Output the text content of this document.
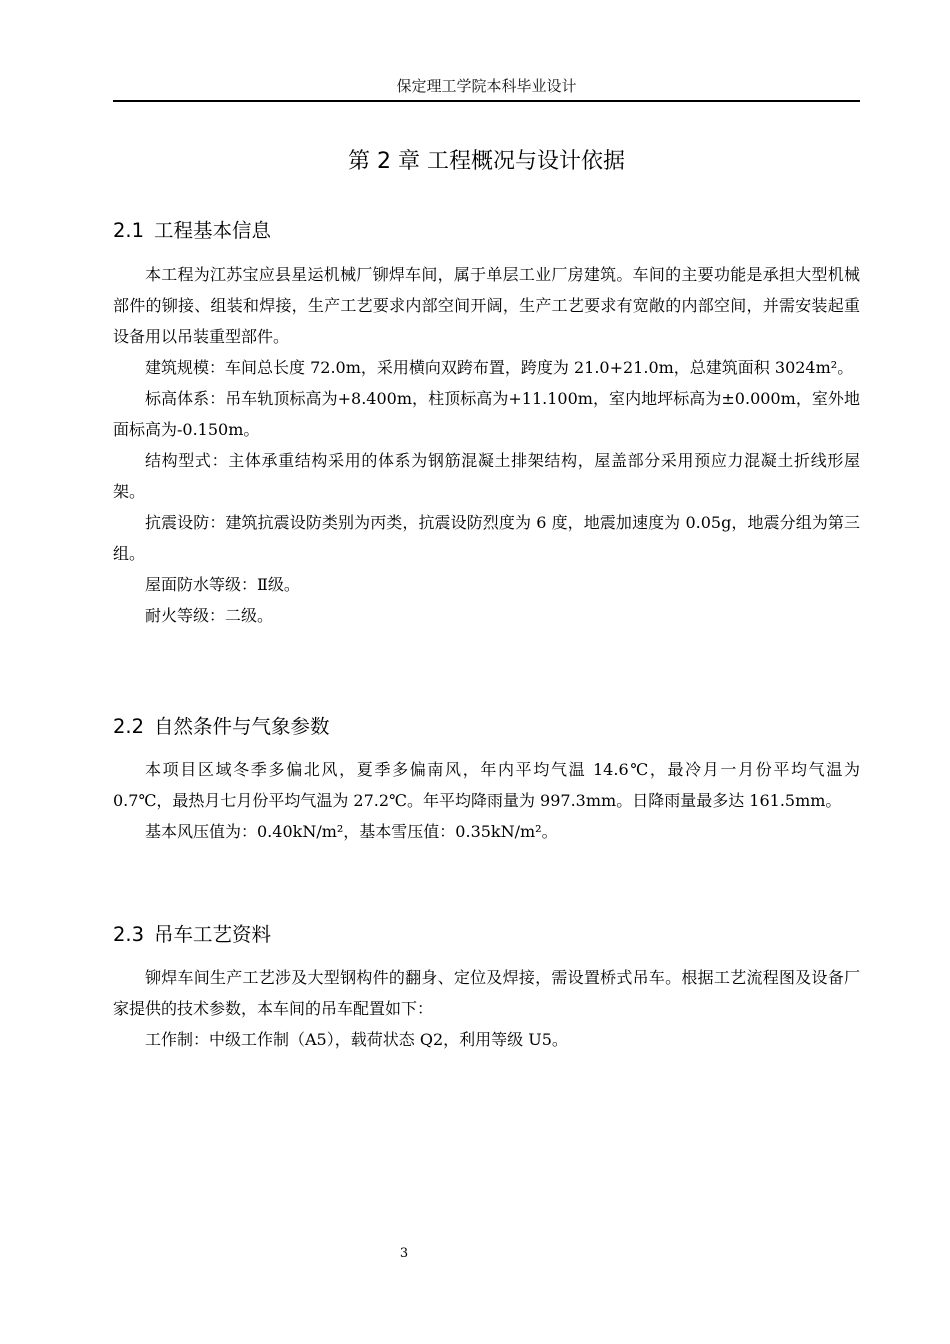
保定理工学院本科毕业设计
第 2 章 工程概况与设计依据
2.1 工程基本信息

本工程为江苏宝应县星运机械厂铆焊车间，属于单层工业厂房建筑。车间的主要功能是承担大型机械部件的铆接、组装和焊接，生产工艺要求内部空间开阔，生产工艺要求有宽敞的内部空间，并需安装起重设备用以吊装重型部件。

建筑规模：车间总长度 72.0m，采用横向双跨布置，跨度为 21.0+21.0m，总建筑面积 3024m²。

标高体系：吊车轨顶标高为+8.400m，柱顶标高为+11.100m，室内地坪标高为±0.000m，室外地面标高为-0.150m。

结构型式：主体承重结构采用的体系为钢筋混凝土排架结构，屋盖部分采用预应力混凝土折线形屋架。

抗震设防：建筑抗震设防类别为丙类，抗震设防烈度为 6 度，地震加速度为 0.05g，地震分组为第三组。

屋面防水等级：Ⅱ级。

耐火等级：二级。

2.2 自然条件与气象参数

本项目区域冬季多偏北风，夏季多偏南风，年内平均气温 14.6℃，最冷月一月份平均气温为 0.7℃，最热月七月份平均气温为 27.2℃。年平均降雨量为 997.3mm。日降雨量最多达 161.5mm。

基本风压值为：0.40kN/m²，基本雪压值：0.35kN/m²。

2.3 吊车工艺资料

铆焊车间生产工艺涉及大型钢构件的翻身、定位及焊接，需设置桥式吊车。根据工艺流程图及设备厂家提供的技术参数，本车间的吊车配置如下：

工作制：中级工作制（A5），载荷状态 Q2，利用等级 U5。

3
